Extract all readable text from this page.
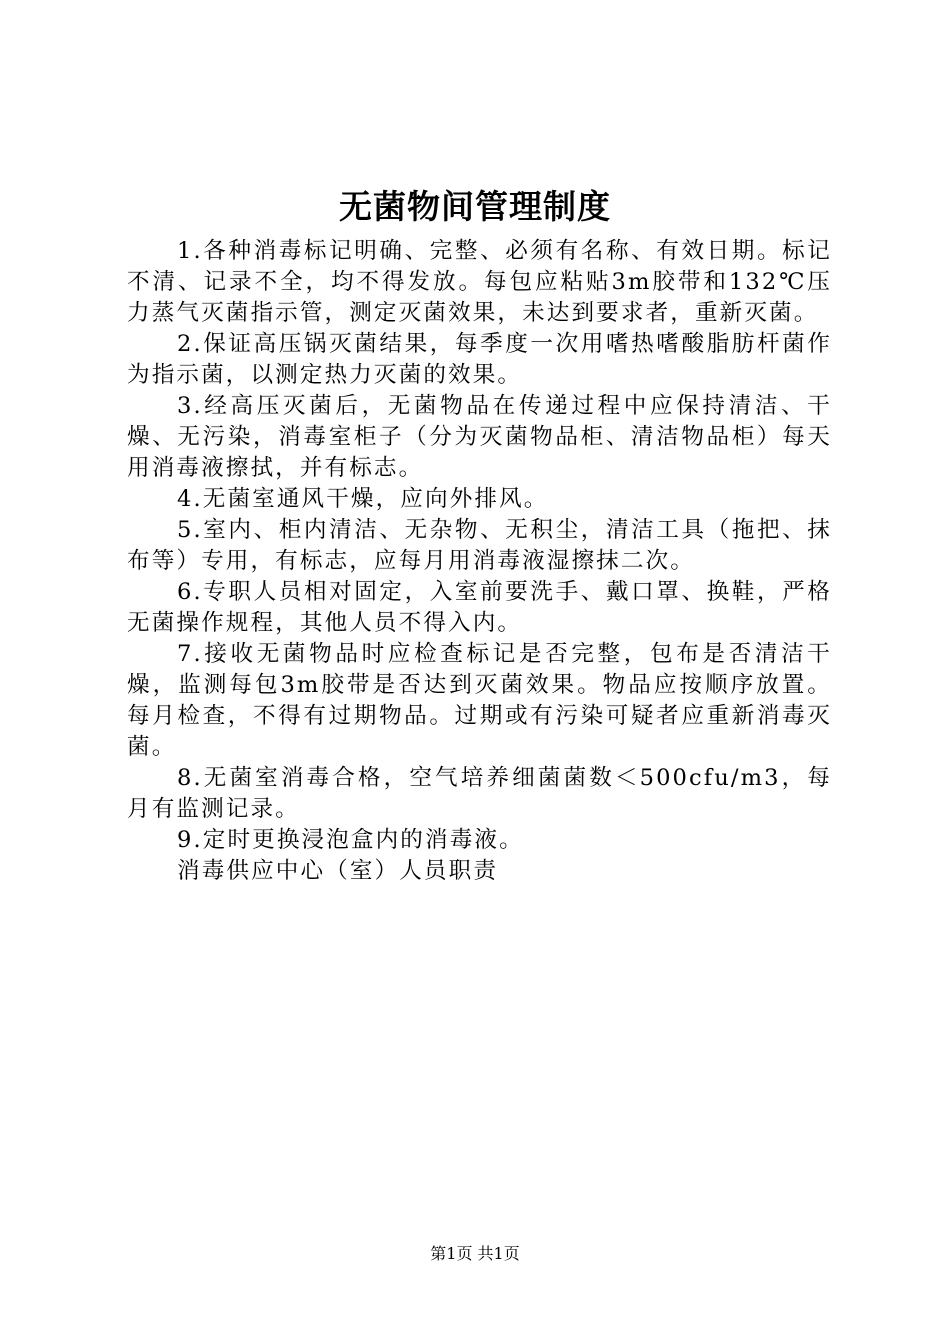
无菌物间管理制度

1.各种消毒标记明确、完整、必须有名称、有效日期。标记不清、记录不全，均不得发放。每包应粘贴3m胶带和132℃压力蒸气灭菌指示管，测定灭菌效果，未达到要求者，重新灭菌。

2.保证高压锅灭菌结果，每季度一次用嗜热嗜酸脂肪杆菌作为指示菌，以测定热力灭菌的效果。

3.经高压灭菌后，无菌物品在传递过程中应保持清洁、干燥、无污染，消毒室柜子（分为灭菌物品柜、清洁物品柜）每天用消毒液擦拭，并有标志。

4.无菌室通风干燥，应向外排风。

5.室内、柜内清洁、无杂物、无积尘，清洁工具（拖把、抹布等）专用，有标志，应每月用消毒液湿擦抹二次。

6.专职人员相对固定，入室前要洗手、戴口罩、换鞋，严格无菌操作规程，其他人员不得入内。

7.接收无菌物品时应检查标记是否完整，包布是否清洁干燥，监测每包3m胶带是否达到灭菌效果。物品应按顺序放置。每月检查，不得有过期物品。过期或有污染可疑者应重新消毒灭菌。

8.无菌室消毒合格，空气培养细菌菌数＜500cfu/m3，每月有监测记录。

9.定时更换浸泡盒内的消毒液。

消毒供应中心（室）人员职责

第1页 共1页
